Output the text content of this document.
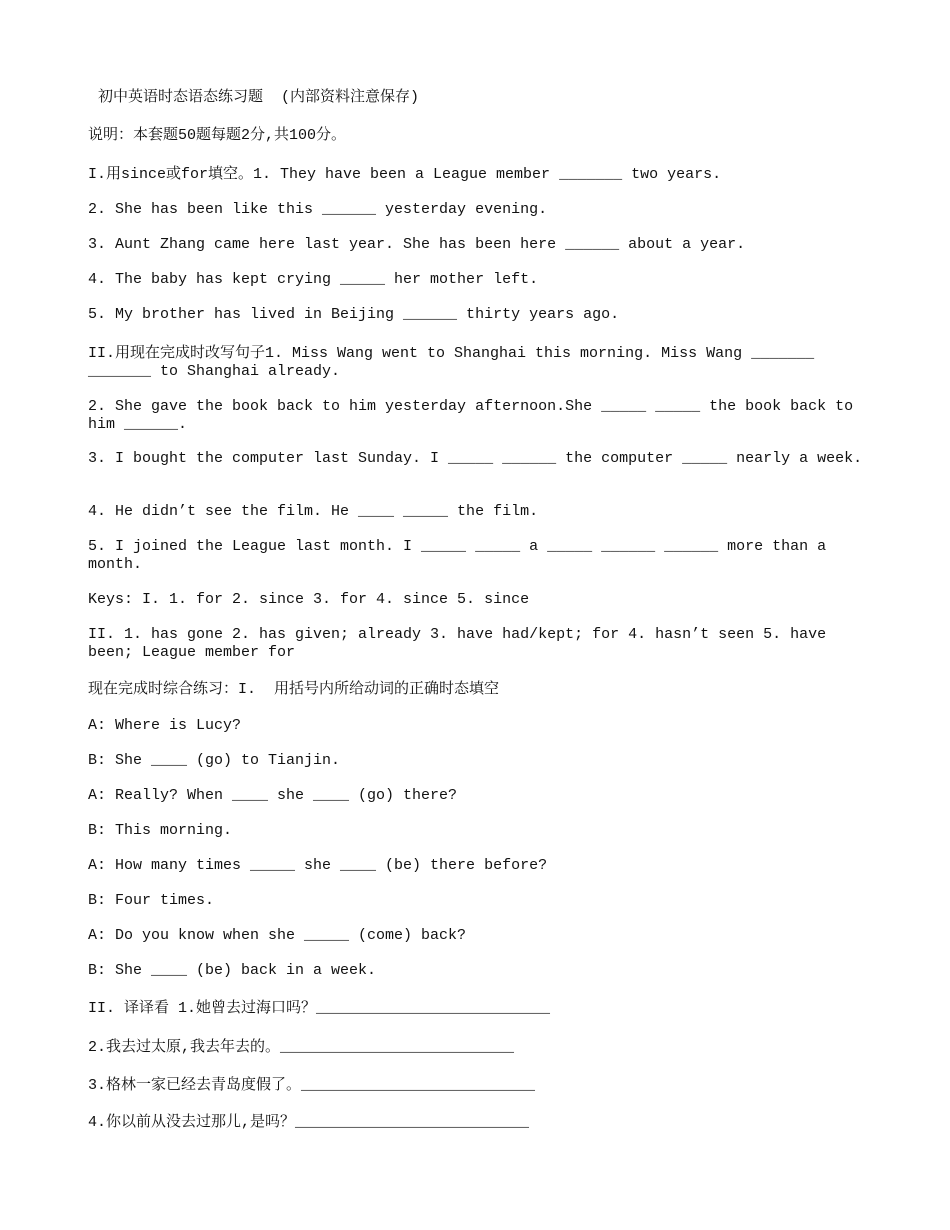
初中英语时态语态练习题  (内部资料注意保存)
说明：本套题50题每题2分,共100分。
I.用since或for填空。1. They have been a League member _______ two years.
2. She has been like this ______ yesterday evening.
3. Aunt Zhang came here last year. She has been here ______ about a year.
4. The baby has kept crying _____ her mother left.
5. My brother has lived in Beijing ______ thirty years ago.
II.用现在完成时改写句子1. Miss Wang went to Shanghai this morning. Miss Wang _______ _______ to Shanghai already.
2. She gave the book back to him yesterday afternoon.She _____ _____ the book back to him ______.
3. I bought the computer last Sunday. I _____ ______ the computer _____ nearly a week.
4. He didn’t see the film. He ____ _____ the film.
5. I joined the League last month. I _____ _____ a _____ ______ ______ more than a month.
Keys: I. 1. for 2. since 3. for 4. since 5. since
II. 1. has gone 2. has given; already 3. have had/kept; for 4. hasn’t seen 5. have been; League member for
现在完成时综合练习：I.  用括号内所给动词的正确时态填空
A: Where is Lucy?
B: She ____ (go) to Tianjin.
A: Really? When ____ she ____ (go) there?
B: This morning.
A: How many times _____ she ____ (be) there before?
B: Four times.
A: Do you know when she _____ (come) back?
B: She ____ (be) back in a week.
II. 译译看 1.她曾去过海口吗？__________________________
2.我去过太原,我去年去的。__________________________
3.格林一家已经去青岛度假了。__________________________
4.你以前从没去过那儿,是吗？__________________________
